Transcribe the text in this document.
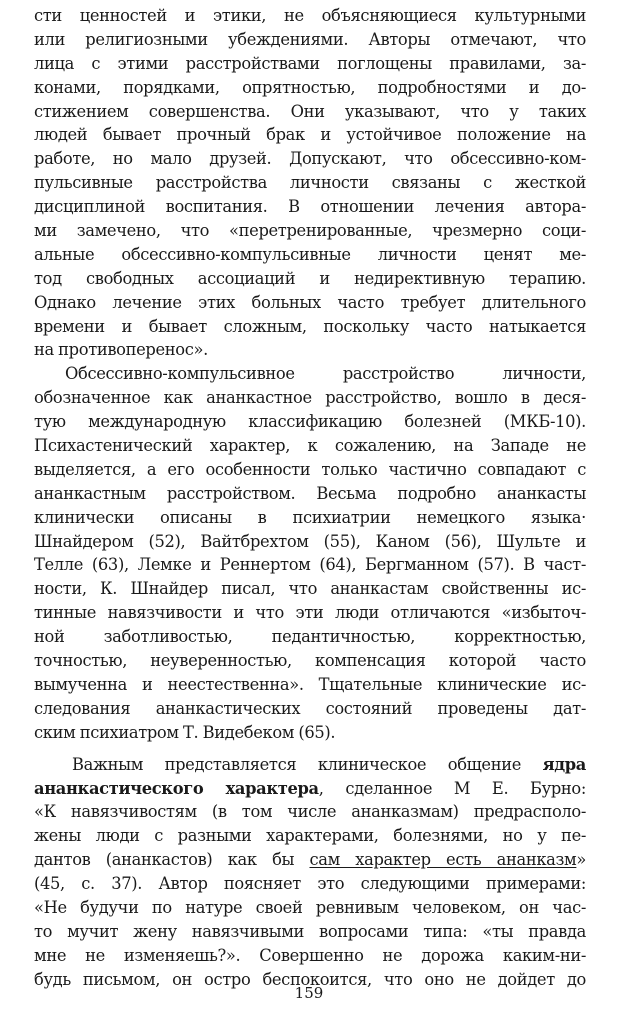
сти ценностей и этики, не объясняющиеся культурными
или религиозными убеждениями. Авторы отмечают, что
лица с этими расстройствами поглощены правилами, за-
конами, порядками, опрятностью, подробностями и до-
стижением совершенства. Они указывают, что у таких
людей бывает прочный брак и устойчивое положение на
работе, но мало друзей. Допускают, что обсессивно-ком-
пульсивные расстройства личности связаны с жесткой
дисциплиной воспитания. В отношении лечения автора-
ми замечено, что «перетренированные, чрезмерно соци-
альные обсессивно-компульсивные личности ценят ме-
тод свободных ассоциаций и недирективную терапию.
Однако лечение этих больных часто требует длительного
времени и бывает сложным, поскольку часто натыкается
на противоперенос».
Обсессивно-компульсивное расстройство личности,
обозначенное как ананкастное расстройство, вошло в деся-
тую международную классификацию болезней (МКБ-10).
Психастенический характер, к сожалению, на Западе не
выделяется, а его особенности только частично совпадают с
ананкастным расстройством. Весьма подробно ананкасты
клинически описаны в психиатрии немецкого языка·
Шнайдером (52), Вайтбрехтом (55), Каном (56), Шульте и
Телле (63), Лемке и Реннертом (64), Бергманном (57). В част-
ности, К. Шнайдер писал, что ананкастам свойственны ис-
тинные навязчивости и что эти люди отличаются «избыточ-
ной заботливостью, педантичностью, корректностью,
точностью, неуверенностью, компенсация которой часто
вымученна и неестественна». Тщательные клинические ис-
следования ананкастических состояний проведены дат-
ским психиатром Т. Видебеком (65).
Важным представляется клиническое общение ядра
ананкастического характера, сделанное М Е. Бурно:
«К навязчивостям (в том числе ананказмам) предрасполо-
жены люди с разными характерами, болезнями, но у пе-
дантов (ананкастов) как бы сам характер есть ананказм»
(45, с. 37). Автор поясняет это следующими примерами:
«Не будучи по натуре своей ревнивым человеком, он час-
то мучит жену навязчивыми вопросами типа: «ты правда
мне не изменяешь?». Совершенно не дорожа каким-ни-
будь письмом, он остро беспокоится, что оно не дойдет до
159
